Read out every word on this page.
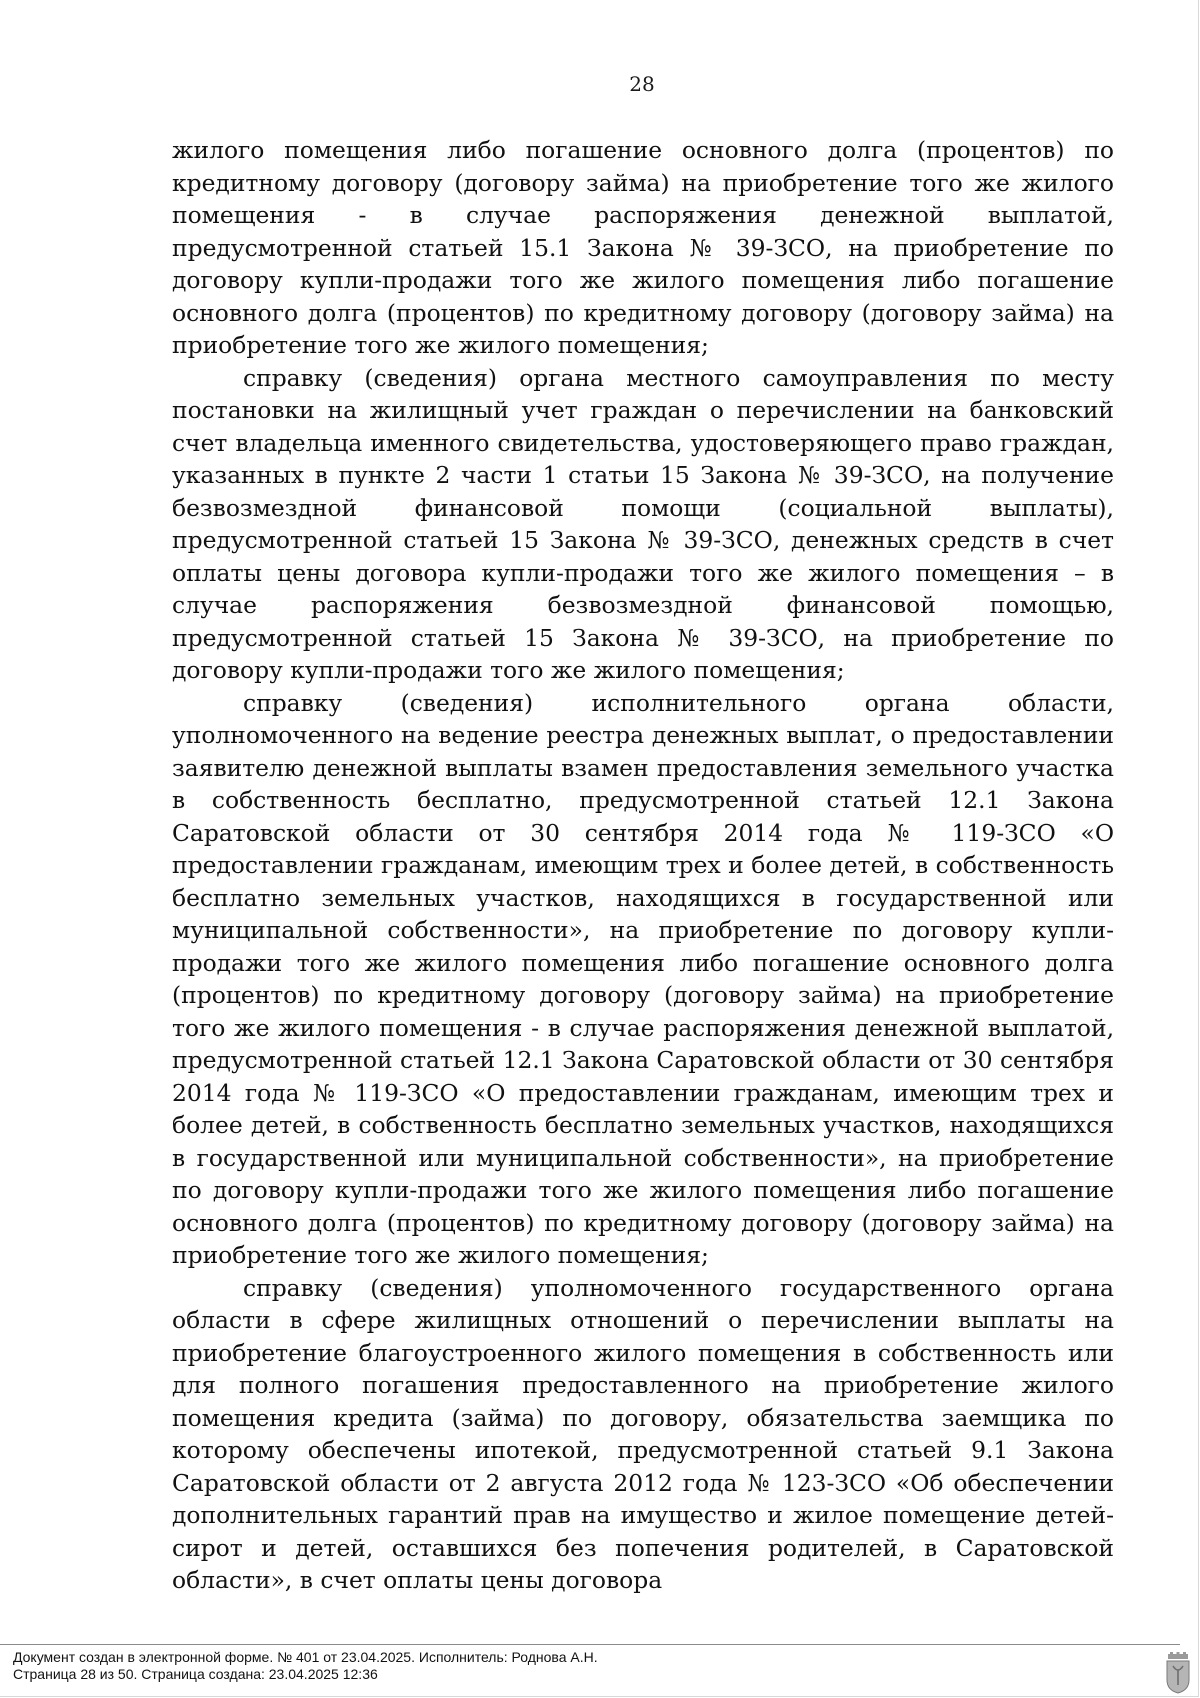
28

жилого помещения либо погашение основного долга (процентов) по кредитному договору (договору займа) на приобретение того же жилого помещения - в случае распоряжения денежной выплатой, предусмотренной статьей 15.1 Закона № 39-ЗСО, на приобретение по договору купли-продажи того же жилого помещения либо погашение основного долга (процентов) по кредитному договору (договору займа) на приобретение того же жилого помещения;

справку (сведения) органа местного самоуправления по месту постановки на жилищный учет граждан о перечислении на банковский счет владельца именного свидетельства, удостоверяющего право граждан, указанных в пункте 2 части 1 статьи 15 Закона № 39-ЗСО, на получение безвозмездной финансовой помощи (социальной выплаты), предусмотренной статьей 15 Закона № 39-ЗСО, денежных средств в счет оплаты цены договора купли-продажи того же жилого помещения – в случае распоряжения безвозмездной финансовой помощью, предусмотренной статьей 15 Закона № 39-ЗСО, на приобретение по договору купли-продажи того же жилого помещения;

справку (сведения) исполнительного органа области, уполномоченного на ведение реестра денежных выплат, о предоставлении заявителю денежной выплаты взамен предоставления земельного участка в собственность бесплатно, предусмотренной статьей 12.1 Закона Саратовской области от 30 сентября 2014 года № 119-ЗСО «О предоставлении гражданам, имеющим трех и более детей, в собственность бесплатно земельных участков, находящихся в государственной или муниципальной собственности», на приобретение по договору купли-продажи того же жилого помещения либо погашение основного долга (процентов) по кредитному договору (договору займа) на приобретение того же жилого помещения - в случае распоряжения денежной выплатой, предусмотренной статьей 12.1 Закона Саратовской области от 30 сентября 2014 года № 119-ЗСО «О предоставлении гражданам, имеющим трех и более детей, в собственность бесплатно земельных участков, находящихся в государственной или муниципальной собственности», на приобретение по договору купли-продажи того же жилого помещения либо погашение основного долга (процентов) по кредитному договору (договору займа) на приобретение того же жилого помещения;

справку (сведения) уполномоченного государственного органа области в сфере жилищных отношений о перечислении выплаты на приобретение благоустроенного жилого помещения в собственность или для полного погашения предоставленного на приобретение жилого помещения кредита (займа) по договору, обязательства заемщика по которому обеспечены ипотекой, предусмотренной статьей 9.1 Закона Саратовской области от 2 августа 2012 года № 123-ЗСО «Об обеспечении дополнительных гарантий прав на имущество и жилое помещение детей-сирот и детей, оставшихся без попечения родителей, в Саратовской области», в счет оплаты цены договора

Документ создан в электронной форме. № 401 от 23.04.2025. Исполнитель: Роднова А.Н.
Страница 28 из 50. Страница создана: 23.04.2025 12:36
